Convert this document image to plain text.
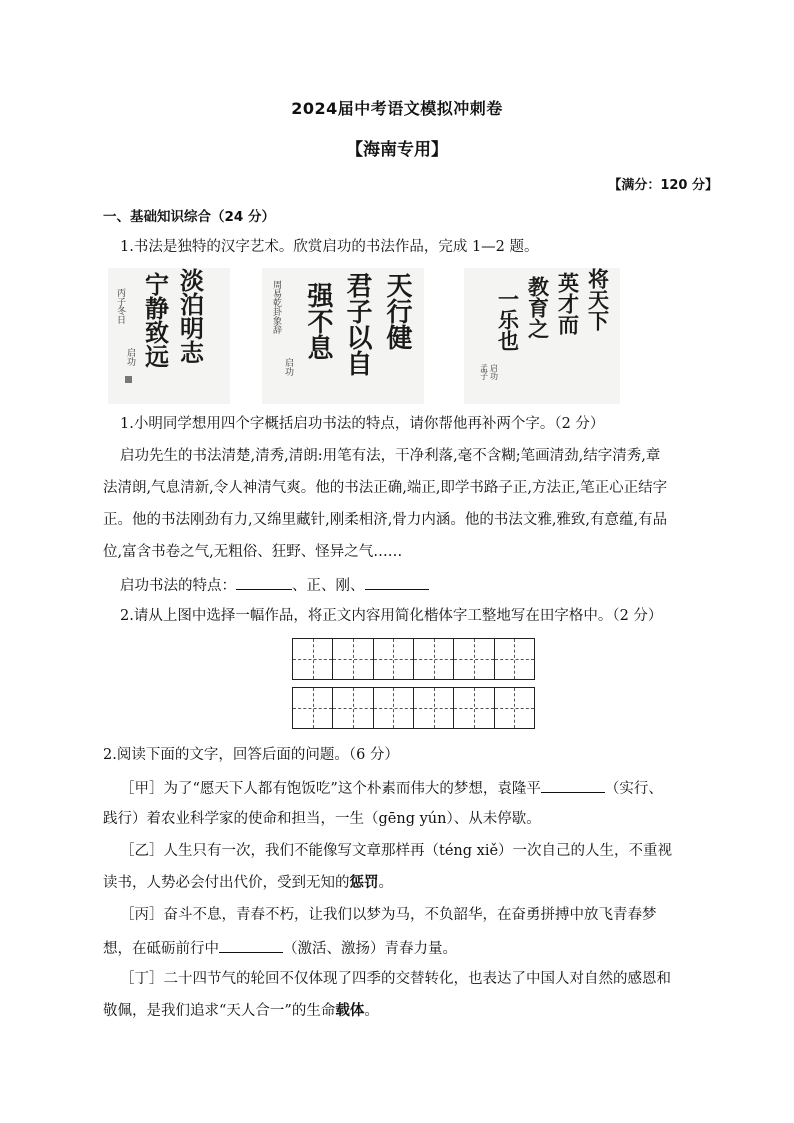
2024届中考语文模拟冲刺卷
【海南专用】
【满分：120 分】
一、基础知识综合（24 分）
1.书法是独特的汉字艺术。欣赏启功的书法作品，完成 1—2 题。
丙子冬日
启功 宁静致远 淡泊明志	周易乾卦象辞
启功
强不息 君子以自 天行健
孟子 启功
一乐也 教育之 英才而 将天下
1.小明同学想用四个字概括启功书法的特点，请你帮他再补两个字。（2 分）
启功先生的书法清楚,清秀,清朗:用笔有法，干净利落,毫不含糊;笔画清劲,结字清秀,章
法清朗,气息清新,令人神清气爽。他的书法正确,端正,即学书路子正,方法正,笔正心正结字
正。他的书法刚劲有力,又绵里藏针,刚柔相济,骨力内涵。他的书法文雅,雅致,有意蕴,有品
位,富含书卷之气,无粗俗、狂野、怪异之气……
启功书法的特点：	、正、刚、
2.请从上图中选择一幅作品，将正文内容用简化楷体字工整地写在田字格中。（2 分）
2.阅读下面的文字，回答后面的问题。（6 分）
［甲］为了“愿天下人都有饱饭吃”这个朴素而伟大的梦想，袁隆平	（实行、
践行）着农业科学家的使命和担当，一生（gēng yún）、从未停歇。
［乙］人生只有一次，我们不能像写文章那样再（téng xiě）一次自己的人生，不重视
读书，人势必会付出代价，受到无知的惩罚。
［丙］奋斗不息，青春不朽，让我们以梦为马，不负韶华，在奋勇拼搏中放飞青春梦
想，在砥砺前行中	（激活、激扬）青春力量。
［丁］二十四节气的轮回不仅体现了四季的交替转化，也表达了中国人对自然的感恩和
敬佩，是我们追求“天人合一”的生命载体。
